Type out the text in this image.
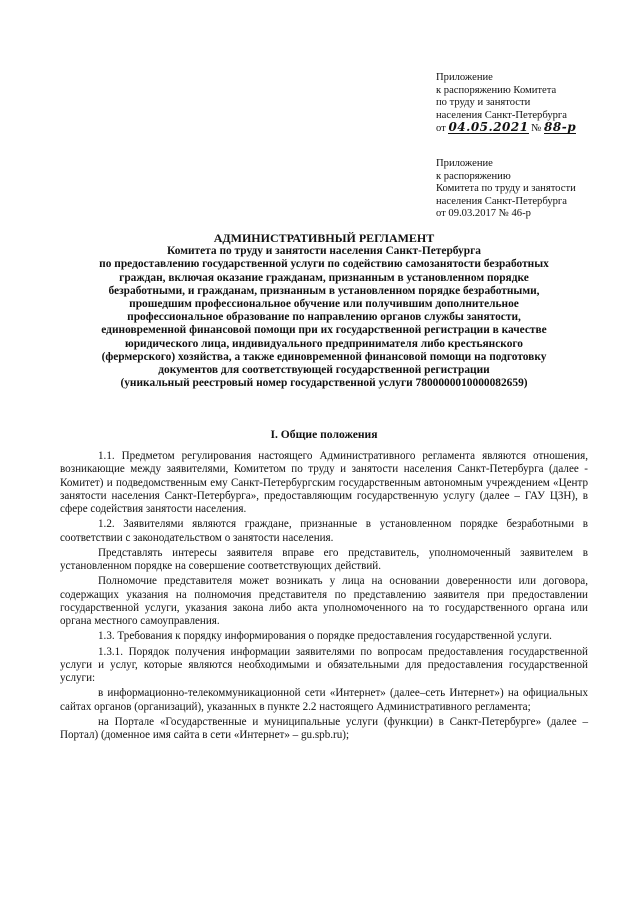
Приложение
к распоряжению Комитета
по труду и занятости
населения Санкт-Петербурга
от 04.05.2021 № 88-р
Приложение
к распоряжению
Комитета по труду и занятости
населения Санкт-Петербурга
от 09.03.2017 № 46-р
АДМИНИСТРАТИВНЫЙ РЕГЛАМЕНТ
Комитета по труду и занятости населения Санкт-Петербурга
по предоставлению государственной услуги по содействию самозанятости безработных
граждан, включая оказание гражданам, признанным в установленном порядке
безработными, и гражданам, признанным в установленном порядке безработными,
прошедшим профессиональное обучение или получившим дополнительное
профессиональное образование по направлению органов службы занятости,
единовременной финансовой помощи при их государственной регистрации в качестве
юридического лица, индивидуального предпринимателя либо крестьянского
(фермерского) хозяйства, а также единовременной финансовой помощи на подготовку
документов для соответствующей государственной регистрации
(уникальный реестровый номер государственной услуги 7800000010000082659)
I. Общие положения

1.1. Предметом регулирования настоящего Административного регламента являются отношения, возникающие между заявителями, Комитетом по труду и занятости населения Санкт-Петербурга (далее - Комитет) и подведомственным ему Санкт-Петербургским государственным автономным учреждением «Центр занятости населения Санкт-Петербурга», предоставляющим государственную услугу (далее – ГАУ ЦЗН), в сфере содействия занятости населения.

1.2. Заявителями являются граждане, признанные в установленном порядке безработными в соответствии с законодательством о занятости населения.

Представлять интересы заявителя вправе его представитель, уполномоченный заявителем в установленном порядке на совершение соответствующих действий.

Полномочие представителя может возникать у лица на основании доверенности или договора, содержащих указания на полномочия представителя по представлению заявителя при предоставлении государственной услуги, указания закона либо акта уполномоченного на то государственного органа или органа местного самоуправления.

1.3. Требования к порядку информирования о порядке предоставления государственной услуги.

1.3.1. Порядок получения информации заявителями по вопросам предоставления государственной услуги и услуг, которые являются необходимыми и обязательными для предоставления государственной услуги:

в информационно-телекоммуникационной сети «Интернет» (далее–сеть Интернет») на официальных сайтах органов (организаций), указанных в пункте 2.2 настоящего Административного регламента;

на Портале «Государственные и муниципальные услуги (функции) в Санкт-Петербурге» (далее – Портал) (доменное имя сайта в сети «Интернет» – gu.spb.ru);
